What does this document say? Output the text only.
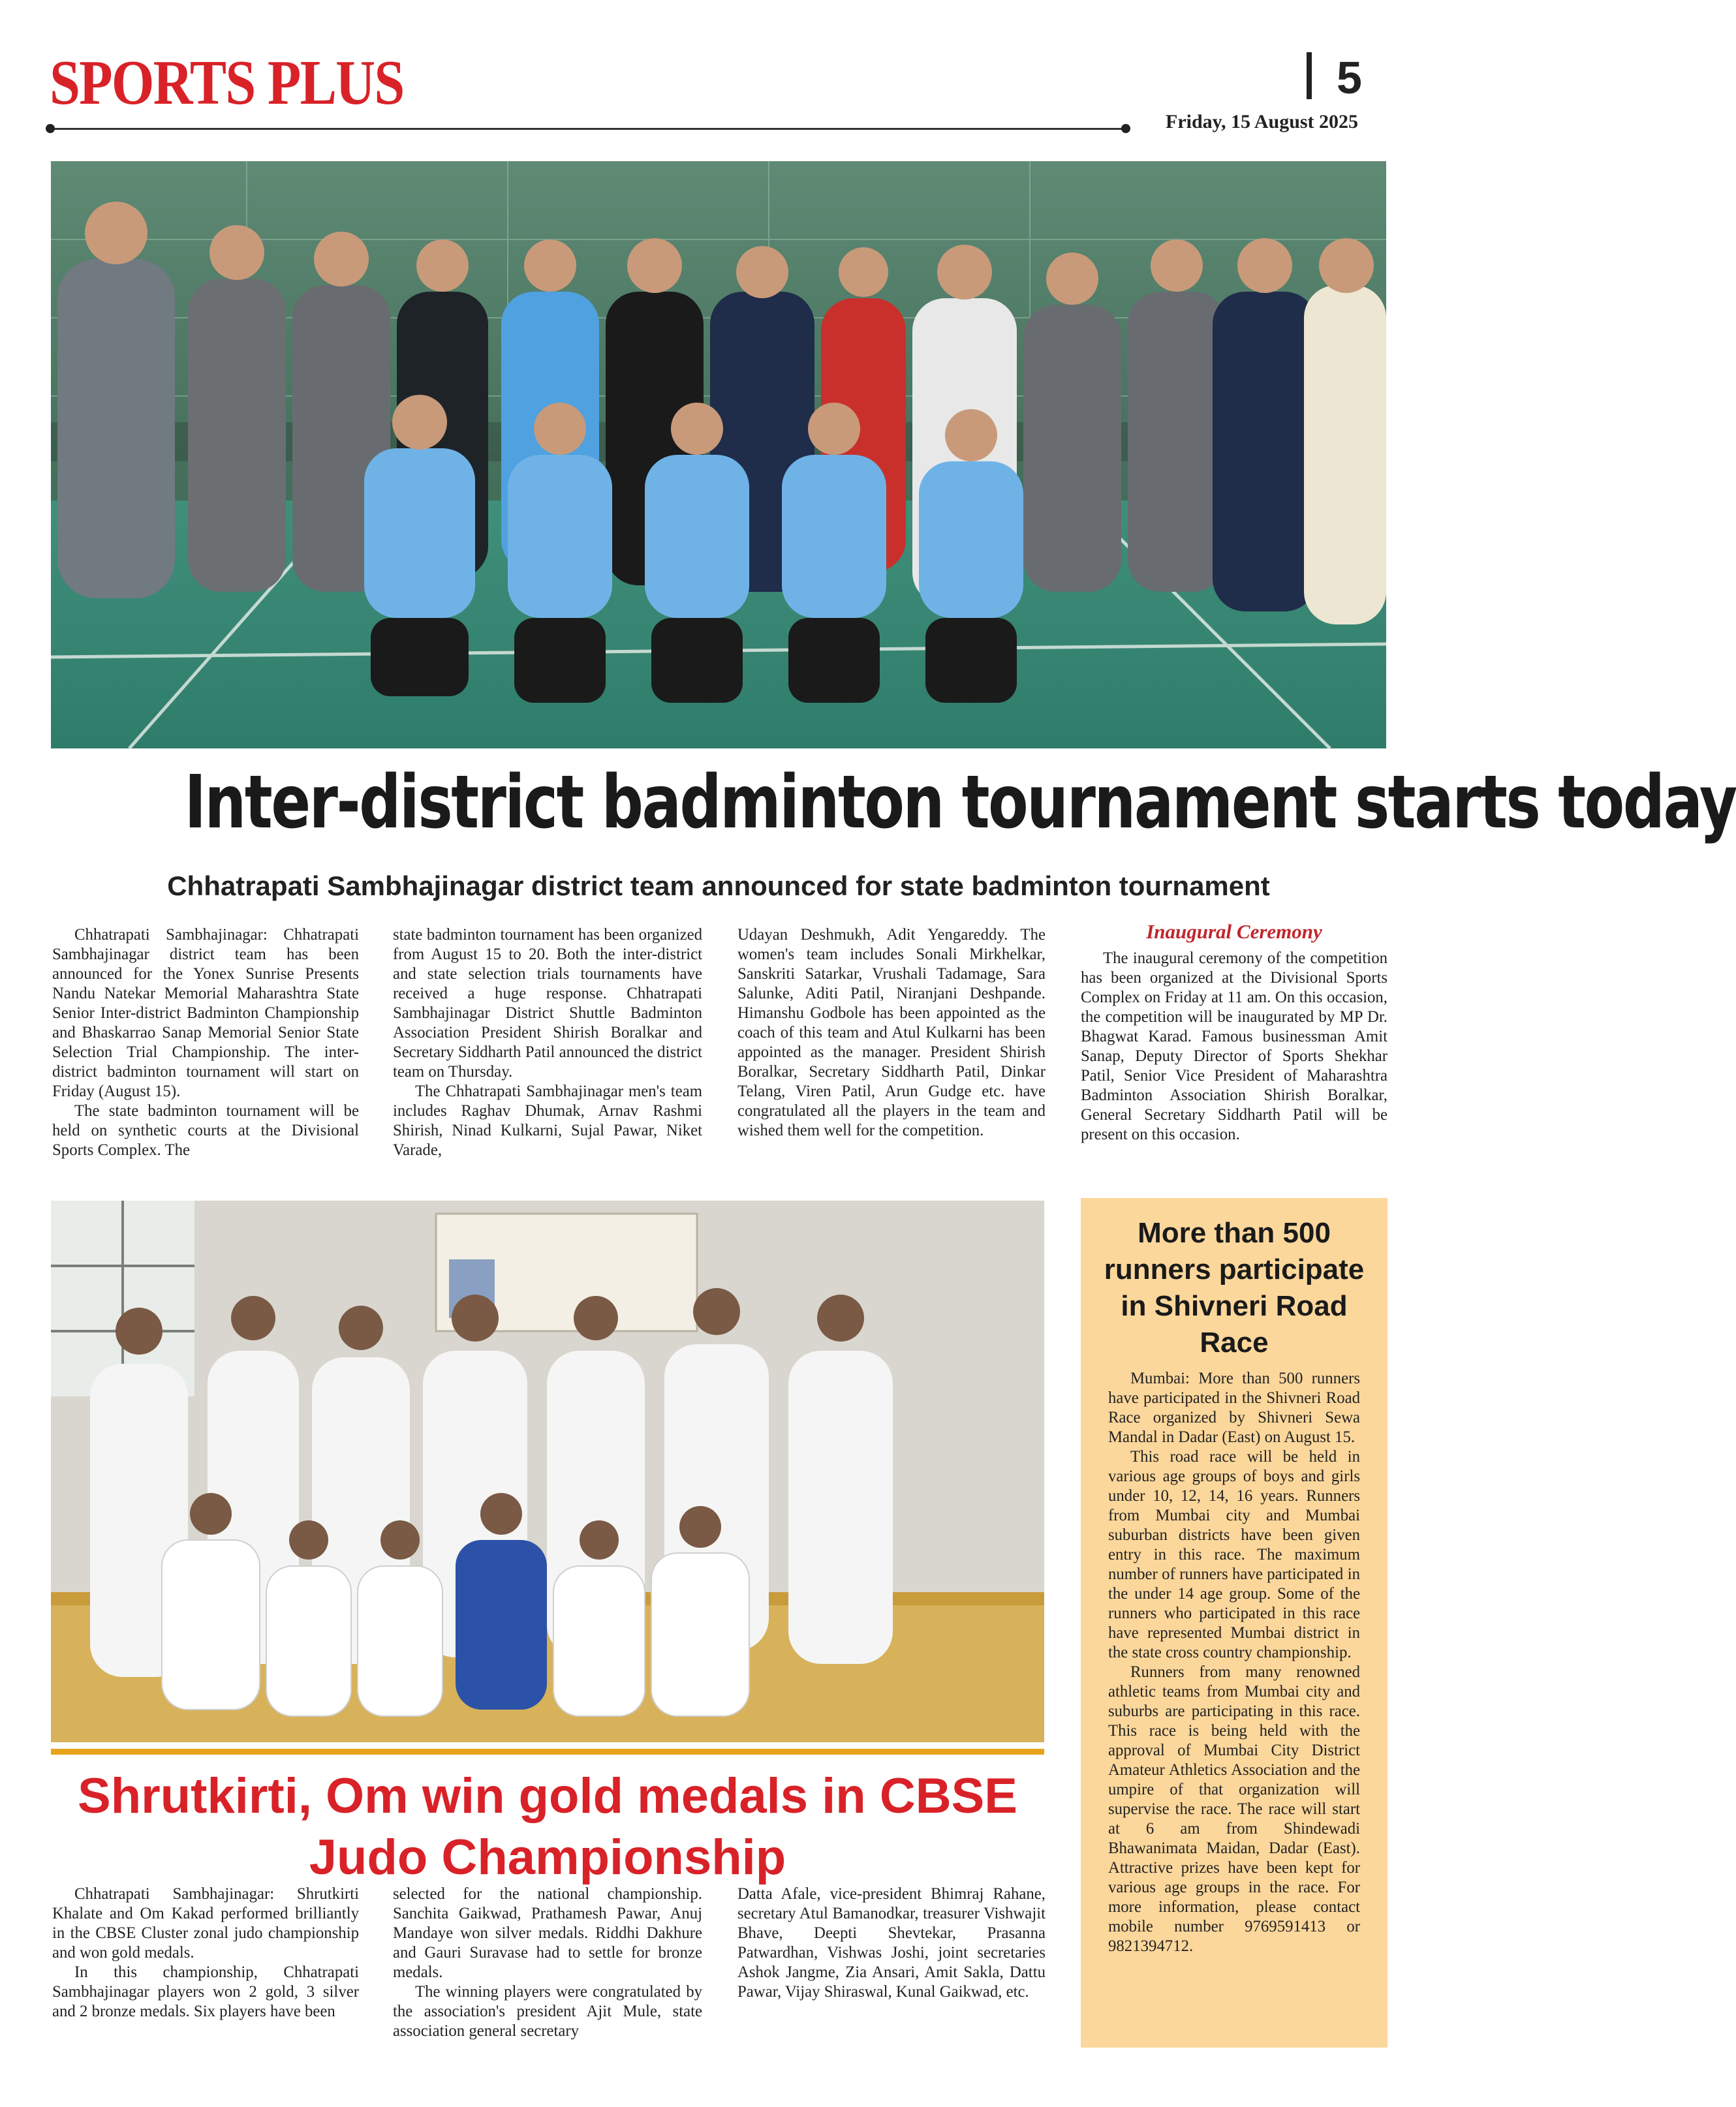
SPORTS PLUS	5
Friday, 15 August 2025
Inter-district badminton tournament starts today
Chhatrapati Sambhajinagar district team announced for state badminton tournament

Chhatrapati Sambhajinagar: Chhatrapati Sambhajinagar district team has been announced for the Yonex Sunrise Presents Nandu Natekar Memorial Maharashtra State Senior Inter-district Badminton Championship and Bhaskarrao Sanap Memorial Senior State Selection Trial Championship. The inter-district badminton tournament will start on Friday (August 15).

The state badminton tournament will be held on synthetic courts at the Divisional Sports Complex. The

state badminton tournament has been organized from August 15 to 20. Both the inter-district and state selection trials tournaments have received a huge response. Chhatrapati Sambhajinagar District Shuttle Badminton Association President Shirish Boralkar and Secretary Siddharth Patil announced the district team on Thursday.

The Chhatrapati Sambhajinagar men's team includes Raghav Dhumak, Arnav Rashmi Shirish, Ninad Kulkarni, Sujal Pawar, Niket Varade,

Udayan Deshmukh, Adit Yengareddy. The women's team includes Sonali Mirkhelkar, Sanskriti Satarkar, Vrushali Tadamage, Sara Salunke, Aditi Patil, Niranjani Deshpande. Himanshu Godbole has been appointed as the coach of this team and Atul Kulkarni has been appointed as the manager. President Shirish Boralkar, Secretary Siddharth Patil, Dinkar Telang, Viren Patil, Arun Gudge etc. have congratulated all the players in the team and wished them well for the competition.

Inaugural Ceremony

The inaugural ceremony of the competition has been organized at the Divisional Sports Complex on Friday at 11 am. On this occasion, the competition will be inaugurated by MP Dr. Bhagwat Karad. Famous businessman Amit Sanap, Deputy Director of Sports Shekhar Patil, Senior Vice President of Maharashtra Badminton Association Shirish Boralkar, General Secretary Siddharth Patil will be present on this occasion.

Shrutkirti, Om win gold medals in CBSE Judo Championship

Chhatrapati Sambhajinagar: Shrutkirti Khalate and Om Kakad performed brilliantly in the CBSE Cluster zonal judo championship and won gold medals.

In this championship, Chhatrapati Sambhajinagar players won 2 gold, 3 silver and 2 bronze medals. Six players have been

selected for the national championship. Sanchita Gaikwad, Prathamesh Pawar, Anuj Mandaye won silver medals. Riddhi Dakhure and Gauri Suravase had to settle for bronze medals.

The winning players were congratulated by the association's president Ajit Mule, state association general secretary

Datta Afale, vice-president Bhimraj Rahane, secretary Atul Bamanodkar, treasurer Vishwajit Bhave, Deepti Shevtekar, Prasanna Patwardhan, Vishwas Joshi, joint secretaries Ashok Jangme, Zia Ansari, Amit Sakla, Dattu Pawar, Vijay Shiraswal, Kunal Gaikwad, etc.

More than 500 runners participate in Shivneri Road Race

Mumbai: More than 500 runners have participated in the Shivneri Road Race organized by Shivneri Sewa Mandal in Dadar (East) on August 15.

This road race will be held in various age groups of boys and girls under 10, 12, 14, 16 years. Runners from Mumbai city and Mumbai suburban districts have been given entry in this race. The maximum number of runners have participated in the under 14 age group. Some of the runners who participated in this race have represented Mumbai district in the state cross country championship.

Runners from many renowned athletic teams from Mumbai city and suburbs are participating in this race. This race is being held with the approval of Mumbai City District Amateur Athletics Association and the umpire of that organization will supervise the race. The race will start at 6 am from Shindewadi Bhawanimata Maidan, Dadar (East). Attractive prizes have been kept for various age groups in the race. For more information, please contact mobile number 9769591413 or 9821394712.
